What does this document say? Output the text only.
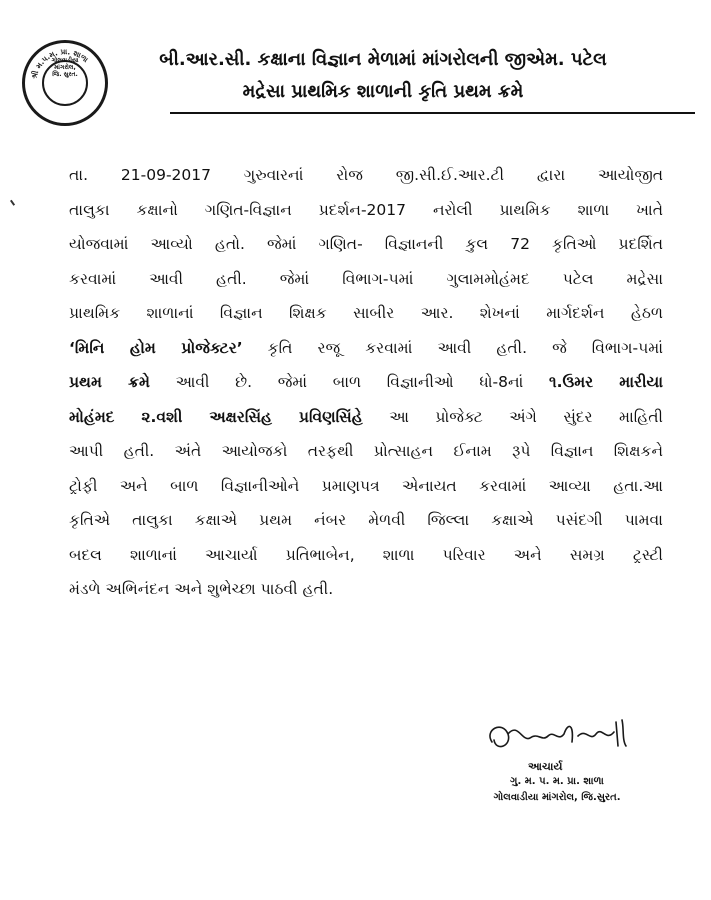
શ્રી મ.પ.મ. પ્રા. શાળા
ગોલવાડીયા
માંગરોલ,
જિ. સુરત.
બી.આર.સી. કક્ષાના વિજ્ઞાન મેળામાં માંગરોલની જીએમ. પટેલ
મદ્રેસા પ્રાથમિક શાળાની કૃતિ પ્રથમ ક્રમે
તા. 21-09-2017 ગુરુવારનાં રોજ જી.સી.ઈ.આર.ટી દ્વારા આયોજીત
તાલુકા કક્ષાનો ગણિત-વિજ્ઞાન પ્રદર્શન-2017 નરોલી પ્રાથમિક શાળા ખાતે
યોજવામાં આવ્યો હતો. જેમાં ગણિત- વિજ્ઞાનની કુલ 72 કૃતિઓ પ્રદર્શિત
કરવામાં આવી હતી. જેમાં વિભાગ-૫માં ગુલામમોહંમદ પટેલ મદ્રેસા
પ્રાથમિક શાળાનાં વિજ્ઞાન શિક્ષક સાબીર આર. શેખનાં માર્ગદર્શન હેઠળ
‘મિનિ હોમ પ્રોજેક્ટર’ કૃતિ રજૂ કરવામાં આવી હતી. જે વિભાગ-૫માં
પ્રથમ ક્રમે આવી છે. જેમાં બાળ વિજ્ઞાનીઓ ધો-8નાં ૧.ઉમર મારીયા
મોહંમદ ૨.વશી અક્ષરસિંહ પ્રવિણસિંહે આ પ્રોજેક્ટ અંગે સુંદર માહિતી
આપી હતી. અંતે આયોજકો તરફથી પ્રોત્સાહન ઈનામ રૂપે વિજ્ઞાન શિક્ષકને
ટ્રોફી અને બાળ વિજ્ઞાનીઓને પ્રમાણપત્ર એનાયત કરવામાં આવ્યા હતા.આ
કૃતિએ તાલુકા કક્ષાએ પ્રથમ નંબર મેળવી જિલ્લા કક્ષાએ પસંદગી પામવા
બદલ શાળાનાં આચાર્યા પ્રતિભાબેન, શાળા પરિવાર અને સમગ્ર ટ્રસ્ટી
મંડળે અભિનંદન અને શુભેચ્છા પાઠવી હતી.
આચાર્ય
ગુ. મ. પ. મ. પ્રા. શાળા
ગોલવાડીયા માંગરોલ, જિ.સુરત.
